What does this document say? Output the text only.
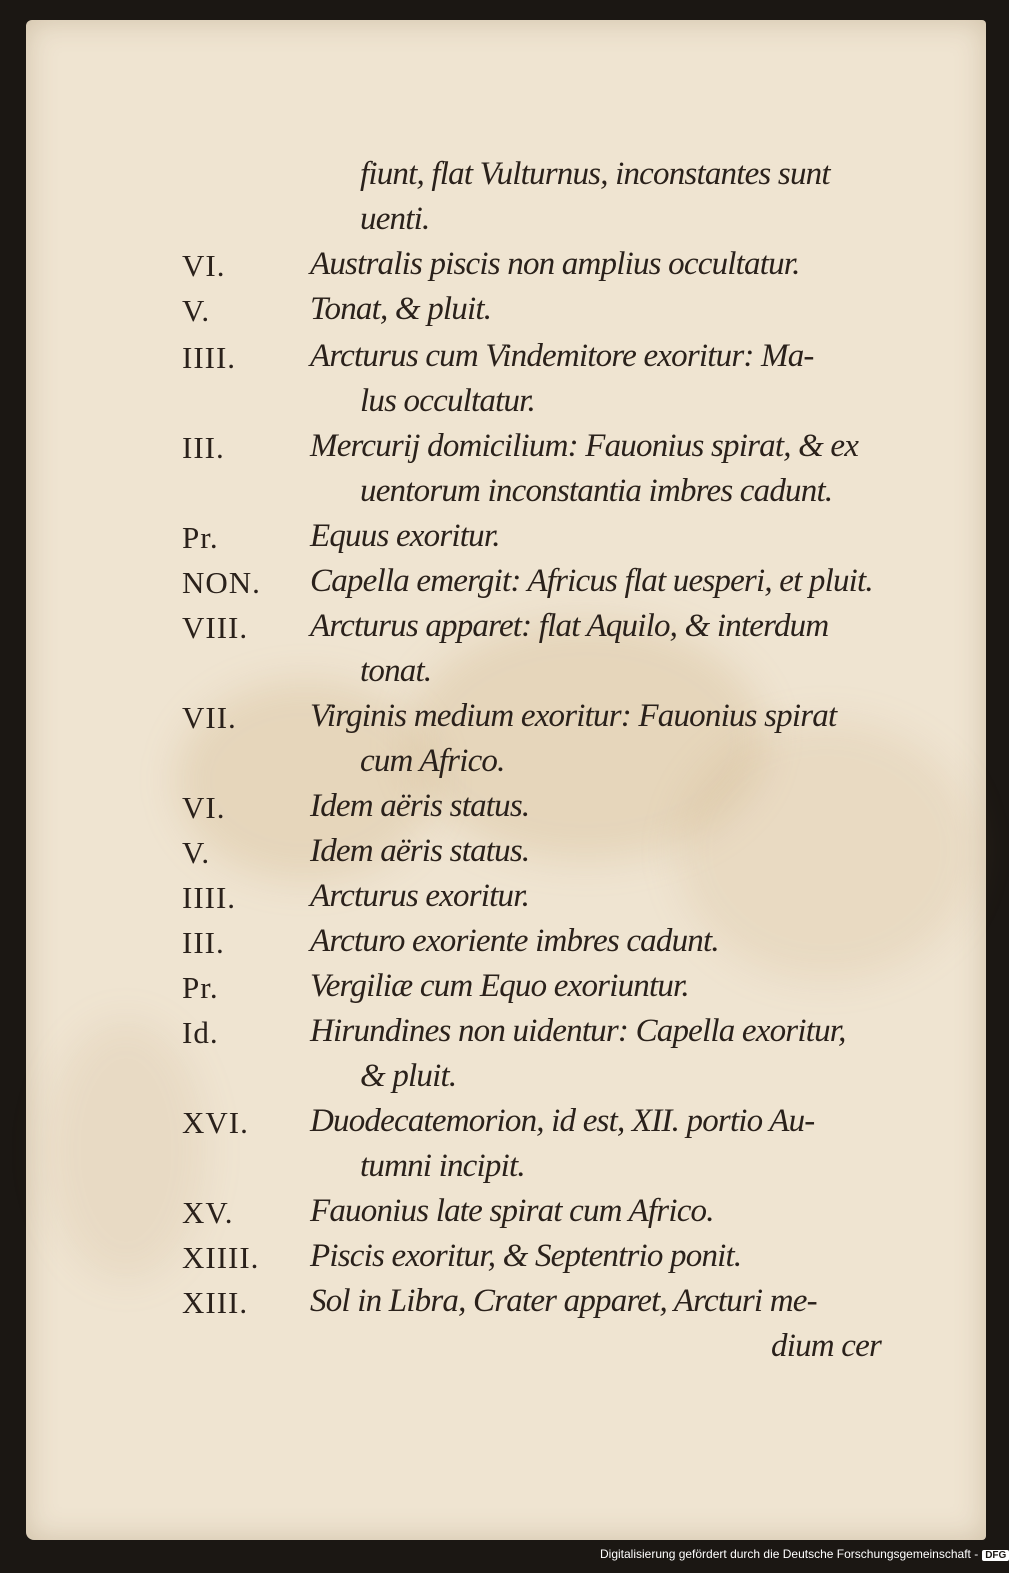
fiunt, flat Vulturnus, inconstantes sunt
uenti.
VI.	Australis piscis non amplius occultatur.
V.	Tonat, & pluit.
IIII. Arcturus cum Vindemitore exoritur: Ma-
lus occultatur.
III.	Mercurij domicilium: Fauonius spirat, & ex
uentorum inconstantia imbres cadunt.
Pr.	Equus exoritur.
NON. Capella emergit: Africus flat uesperi, et pluit.
VIII. Arcturus apparet: flat Aquilo, & interdum
tonat.
VII. Virginis medium exoritur: Fauonius spirat
cum Africo.
VI.	Idem aëris status.
V.	Idem aëris status.
IIII. Arcturus exoritur.
III.	Arcturo exoriente imbres cadunt.
Pr.	Vergiliæ cum Equo exoriuntur.
Id.	Hirundines non uidentur: Capella exoritur,
& pluit.
XVI. Duodecatemorion, id est, XII. portio Au-
tumni incipit.
XV. Fauonius late spirat cum Africo.
XIIII. Piscis exoritur, & Septentrio ponit.
XIII. Sol in Libra, Crater apparet, Arcturi me-
dium cer
Digitalisierung gefördert durch die Deutsche Forschungsgemeinschaft - DFG
